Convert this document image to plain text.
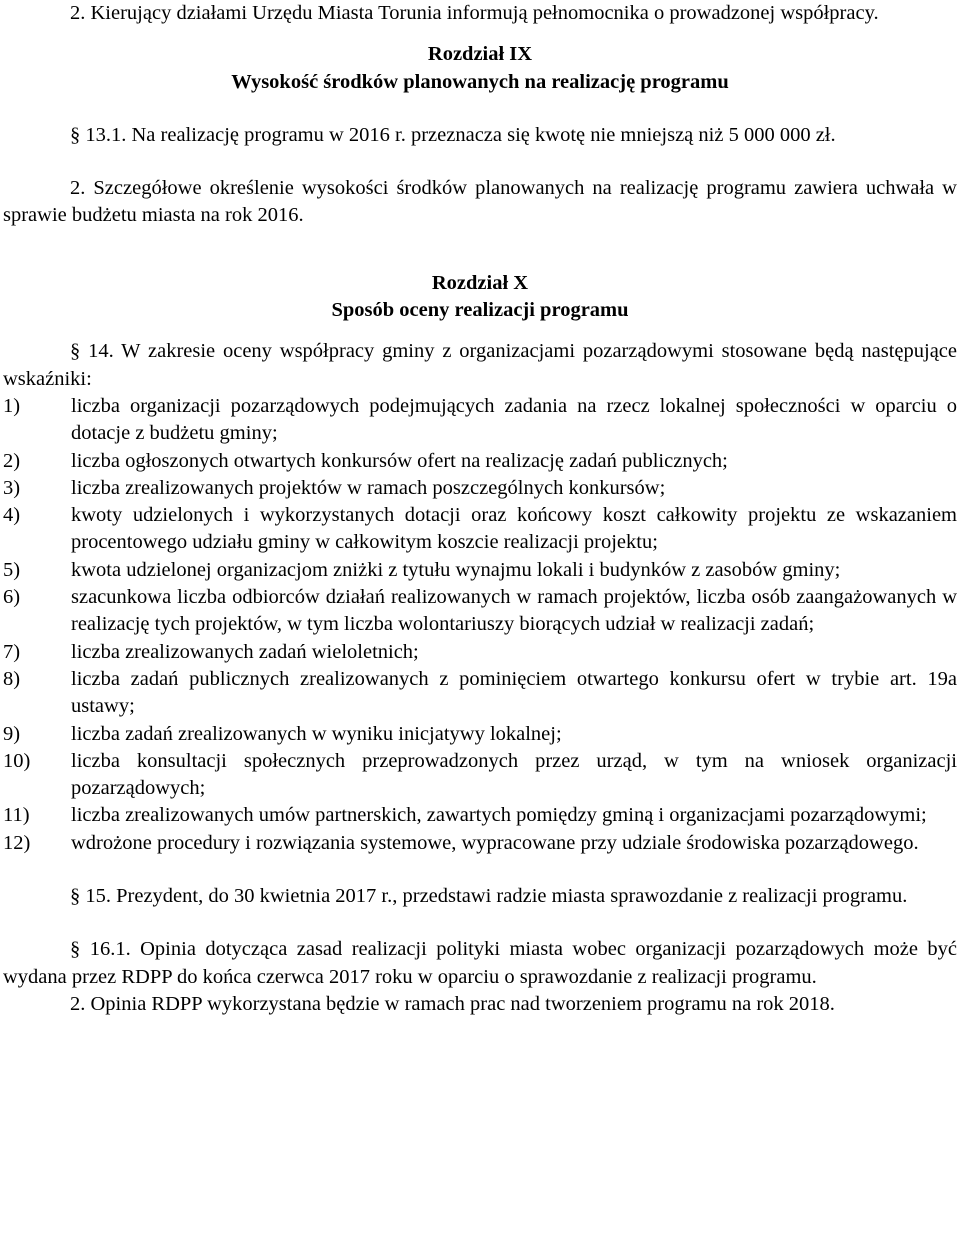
2. Kierujący działami Urzędu Miasta Torunia informują pełnomocnika o prowadzonej współpracy.

Rozdział IX

Wysokość środków planowanych na realizację programu

§ 13.1. Na realizację programu w 2016 r. przeznacza się kwotę nie mniejszą niż 5 000 000 zł.

2. Szczegółowe określenie wysokości środków planowanych na realizację programu zawiera uchwała w sprawie budżetu miasta na rok 2016.

Rozdział X

Sposób oceny realizacji programu

§ 14. W zakresie oceny współpracy gminy z organizacjami pozarządowymi stosowane będą następujące wskaźniki:

1)	liczba organizacji pozarządowych podejmujących zadania na rzecz lokalnej społeczności w oparciu o dotacje z budżetu gminy;
2)	liczba ogłoszonych otwartych konkursów ofert na realizację zadań publicznych;
3)	liczba zrealizowanych projektów w ramach poszczególnych konkursów;
4)	kwoty udzielonych i wykorzystanych dotacji oraz końcowy koszt całkowity projektu ze wskazaniem procentowego udziału gminy w całkowitym koszcie realizacji projektu;
5)	kwota udzielonej organizacjom zniżki z tytułu wynajmu lokali i budynków z zasobów gminy;
6)	szacunkowa liczba odbiorców działań realizowanych w ramach projektów, liczba osób zaangażowanych w realizację tych projektów, w tym liczba wolontariuszy biorących udział w realizacji zadań;
7)	liczba zrealizowanych zadań wieloletnich;
8)	liczba zadań publicznych zrealizowanych z pominięciem otwartego konkursu ofert w trybie art. 19a ustawy;
9)	liczba zadań zrealizowanych w wyniku inicjatywy lokalnej;
10)	liczba konsultacji społecznych przeprowadzonych przez urząd, w tym na wniosek organizacji pozarządowych;
11)	liczba zrealizowanych umów partnerskich, zawartych pomiędzy gminą i organizacjami pozarządowymi;
12)	wdrożone procedury i rozwiązania systemowe, wypracowane przy udziale środowiska pozarządowego.

§ 15. Prezydent, do 30 kwietnia 2017 r., przedstawi radzie miasta sprawozdanie z realizacji programu.

§ 16.1. Opinia dotycząca zasad realizacji polityki miasta wobec organizacji pozarządowych może być wydana przez RDPP do końca czerwca 2017 roku w oparciu o sprawozdanie z realizacji programu.

2. Opinia RDPP wykorzystana będzie w ramach prac nad tworzeniem programu na rok 2018.
